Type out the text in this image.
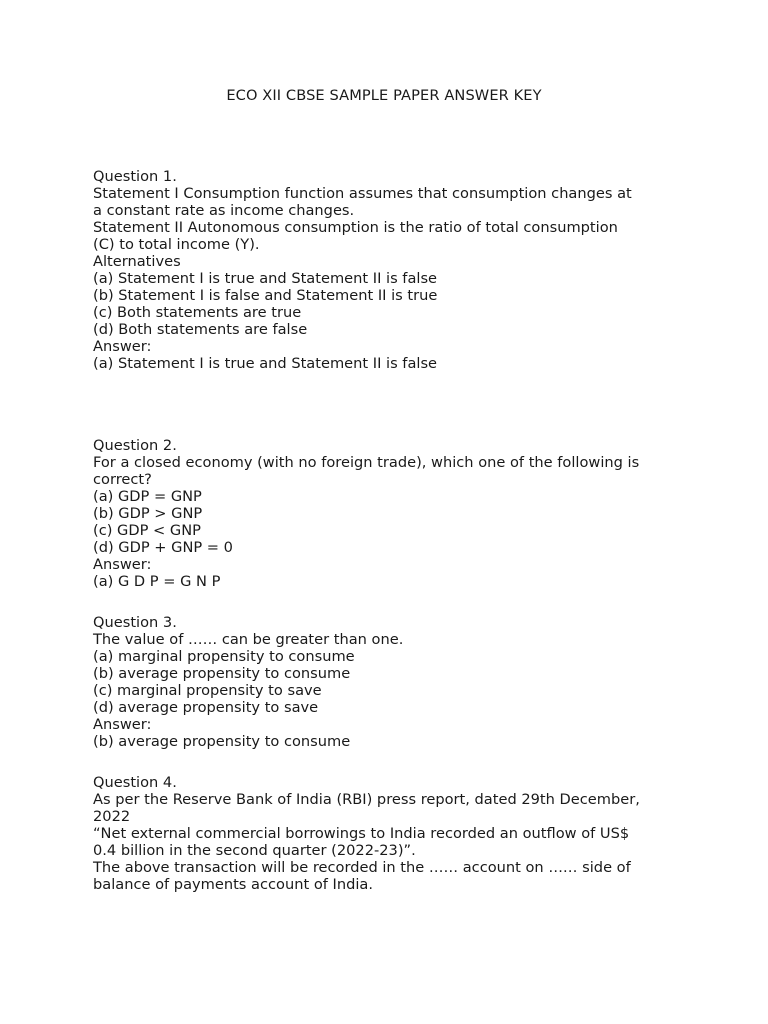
ECO XII CBSE SAMPLE PAPER ANSWER KEY
Question 1.
Statement I Consumption function assumes that consumption changes at
a constant rate as income changes.
Statement II Autonomous consumption is the ratio of total consumption
(C) to total income (Y).
Alternatives
(a) Statement I is true and Statement II is false
(b) Statement I is false and Statement II is true
(c) Both statements are true
(d) Both statements are false
Answer:
(a) Statement I is true and Statement II is false
Question 2.
For a closed economy (with no foreign trade), which one of the following is
correct?
(a) GDP = GNP
(b) GDP > GNP
(c) GDP < GNP
(d) GDP + GNP = 0
Answer:
(a) G D P = G N P
Question 3.
The value of …… can be greater than one.
(a) marginal propensity to consume
(b) average propensity to consume
(c) marginal propensity to save
(d) average propensity to save
Answer:
(b) average propensity to consume
Question 4.
As per the Reserve Bank of India (RBI) press report, dated 29th December,
2022
“Net external commercial borrowings to India recorded an outflow of US$
0.4 billion in the second quarter (2022-23)”.
The above transaction will be recorded in the …… account on …… side of
balance of payments account of India.
